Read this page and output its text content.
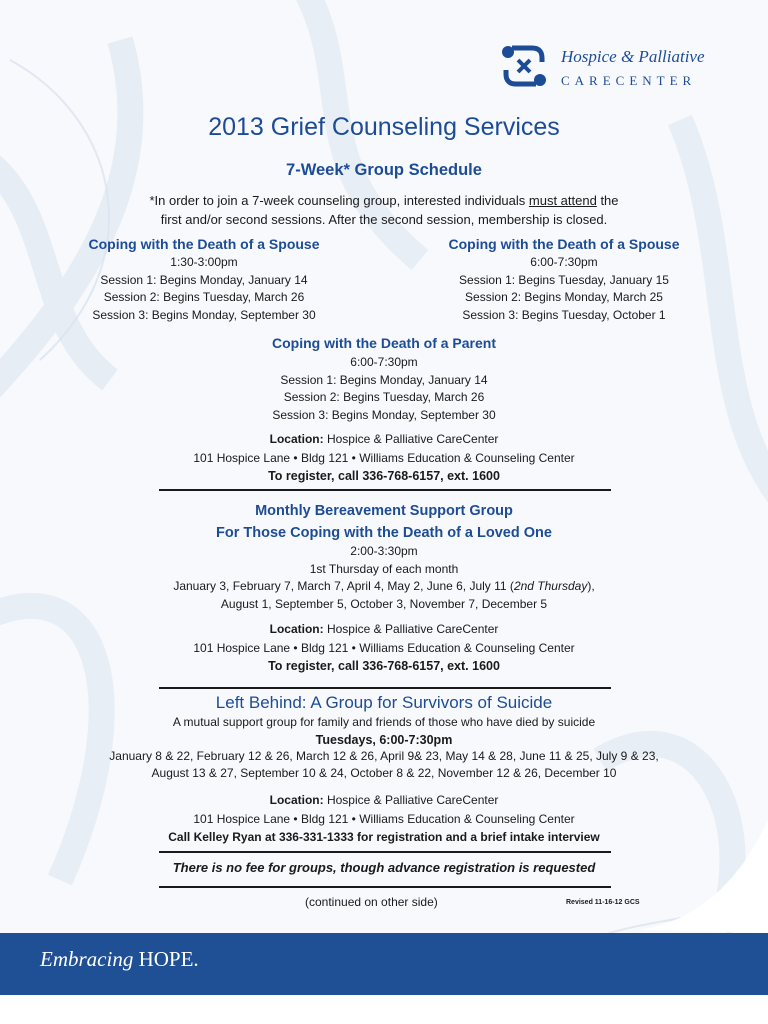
Hospice & Palliative
CARECENTER
2013 Grief Counseling Services
7-Week* Group Schedule
*In order to join a 7-week counseling group, interested individuals must attend the
first and/or second sessions. After the second session, membership is closed.
Coping with the Death of a Spouse
1:30-3:00pm
Session 1: Begins Monday, January 14
Session 2: Begins Tuesday, March 26
Session 3: Begins Monday, September 30
Coping with the Death of a Spouse
6:00-7:30pm
Session 1: Begins Tuesday, January 15
Session 2: Begins Monday, March 25
Session 3: Begins Tuesday, October 1
Coping with the Death of a Parent
6:00-7:30pm
Session 1: Begins Monday, January 14
Session 2: Begins Tuesday, March 26
Session 3: Begins Monday, September 30
Location: Hospice & Palliative CareCenter
101 Hospice Lane • Bldg 121 • Williams Education & Counseling Center
To register, call 336-768-6157, ext. 1600
Monthly Bereavement Support Group
For Those Coping with the Death of a Loved One
2:00-3:30pm
1st Thursday of each month
January 3, February 7, March 7, April 4, May 2, June 6, July 11 (2nd Thursday),
August 1, September 5, October 3, November 7, December 5
Location: Hospice & Palliative CareCenter
101 Hospice Lane • Bldg 121 • Williams Education & Counseling Center
To register, call 336-768-6157, ext. 1600
Left Behind: A Group for Survivors of Suicide
A mutual support group for family and friends of those who have died by suicide
Tuesdays, 6:00-7:30pm
January 8 & 22, February 12 & 26, March 12 & 26, April 9& 23, May 14 & 28, June 11 & 25, July 9 & 23,
August 13 & 27, September 10 & 24, October 8 & 22, November 12 & 26, December 10
Location: Hospice & Palliative CareCenter
101 Hospice Lane • Bldg 121 • Williams Education & Counseling Center
Call Kelley Ryan at 336-331-1333 for registration and a brief intake interview
There is no fee for groups, though advance registration is requested
(continued on other side)	Revised 11-16-12 GCS
Embracing HOPE.
